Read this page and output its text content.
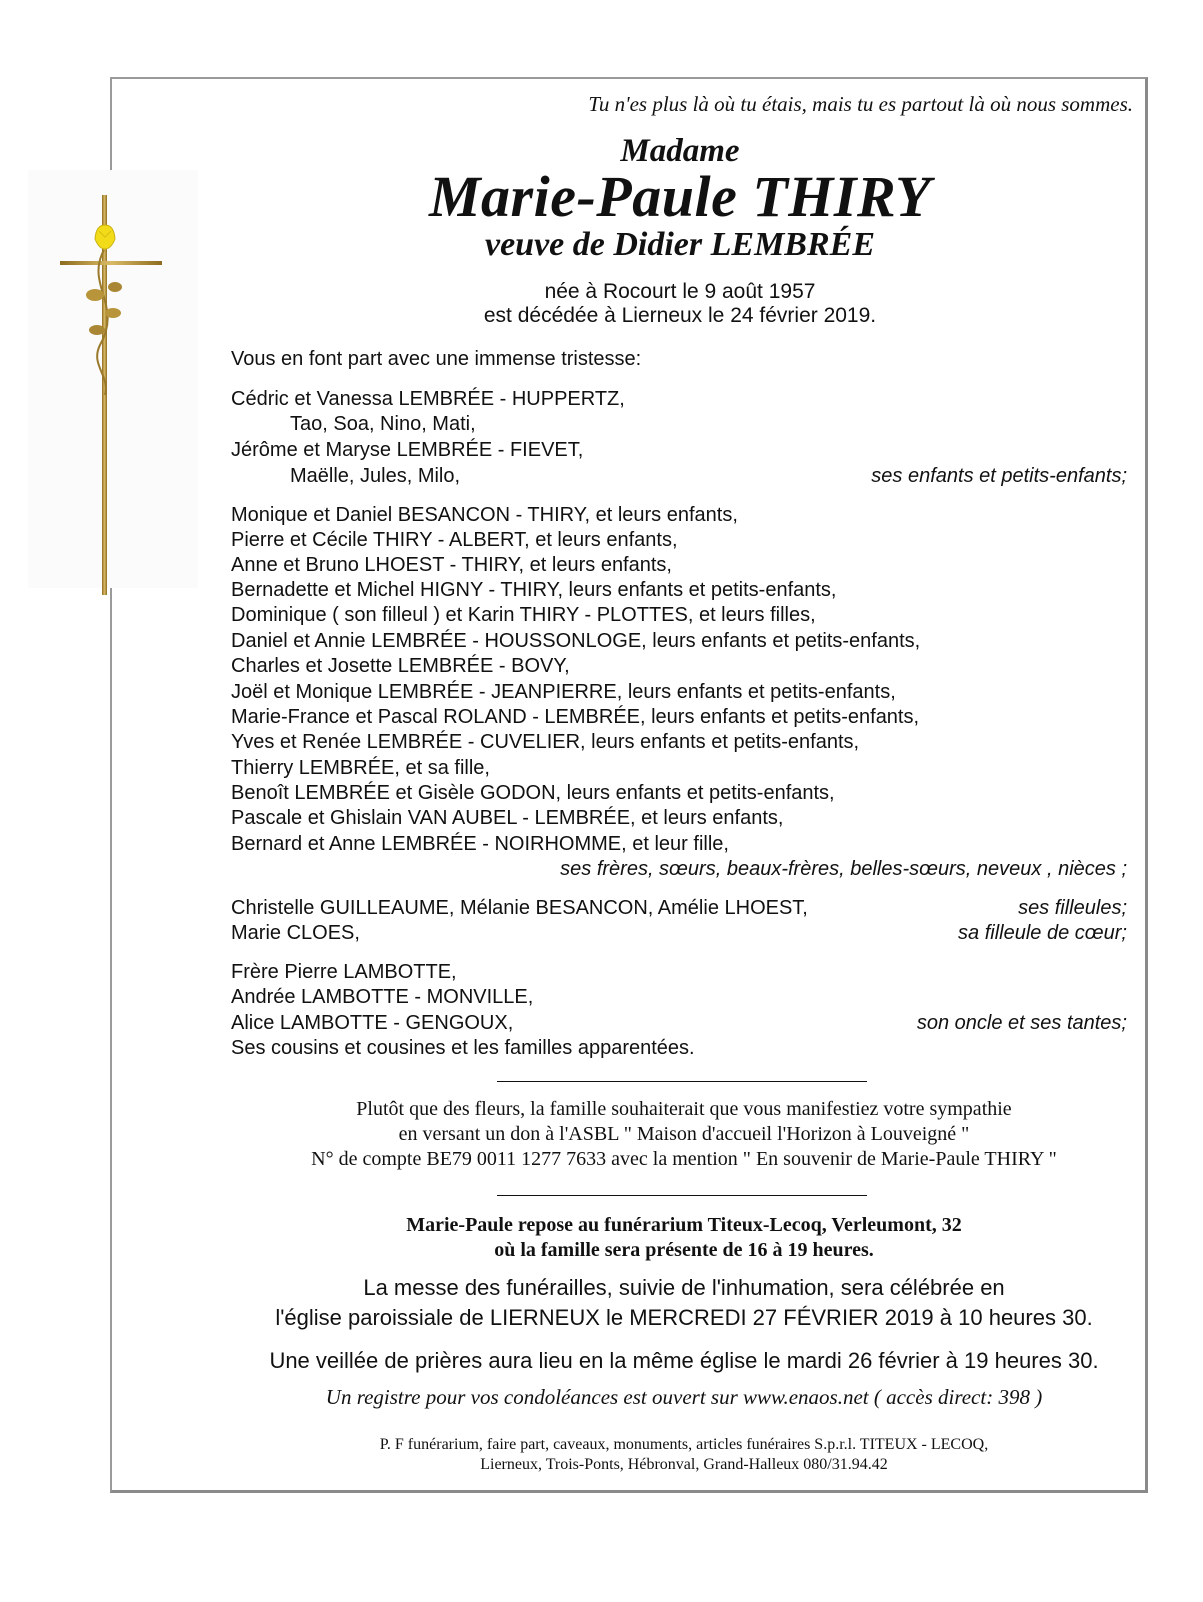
Tu n'es plus là où tu étais, mais tu es partout là où nous sommes.
Madame
Marie-Paule THIRY
veuve de Didier LEMBRÉE
née à Rocourt le 9 août 1957
est décédée à Lierneux le 24 février 2019.
Vous en font part avec une immense tristesse:
Cédric et Vanessa LEMBRÉE - HUPPERTZ,
Tao, Soa, Nino, Mati,
Jérôme et Maryse LEMBRÉE - FIEVET,
Maëlle, Jules, Milo,	ses enfants et petits-enfants;
Monique et Daniel BESANCON - THIRY, et leurs enfants,
Pierre et Cécile THIRY - ALBERT, et leurs enfants,
Anne et Bruno LHOEST - THIRY, et leurs enfants,
Bernadette et Michel HIGNY - THIRY, leurs enfants et petits-enfants,
Dominique ( son filleul ) et Karin THIRY - PLOTTES, et leurs filles,
Daniel et Annie LEMBRÉE - HOUSSONLOGE, leurs enfants et petits-enfants,
Charles et Josette LEMBRÉE - BOVY,
Joël et Monique LEMBRÉE - JEANPIERRE, leurs enfants et petits-enfants,
Marie-France et Pascal ROLAND - LEMBRÉE, leurs enfants et petits-enfants,
Yves et Renée LEMBRÉE - CUVELIER, leurs enfants et petits-enfants,
Thierry LEMBRÉE, et sa fille,
Benoît LEMBRÉE et Gisèle GODON, leurs enfants et petits-enfants,
Pascale et Ghislain VAN AUBEL - LEMBRÉE, et leurs enfants,
Bernard et Anne LEMBRÉE - NOIRHOMME, et leur fille,
ses frères, sœurs, beaux-frères, belles-sœurs, neveux , nièces ;
Christelle GUILLEAUME, Mélanie BESANCON, Amélie LHOEST,	ses filleules;
Marie CLOES,	sa filleule de cœur;
Frère Pierre LAMBOTTE,
Andrée LAMBOTTE - MONVILLE,
Alice LAMBOTTE - GENGOUX,	son oncle et ses tantes;
Ses cousins et cousines et les familles apparentées.
Plutôt que des fleurs, la famille souhaiterait que vous manifestiez votre sympathie
en versant un don à l'ASBL " Maison d'accueil l'Horizon à Louveigné "
N° de compte BE79 0011 1277 7633 avec la mention " En souvenir de Marie-Paule THIRY "
Marie-Paule repose au funérarium Titeux-Lecoq, Verleumont, 32
où la famille sera présente de 16 à 19 heures.
La messe des funérailles, suivie de l'inhumation, sera célébrée en
l'église paroissiale de LIERNEUX le MERCREDI 27 FÉVRIER 2019 à 10 heures 30.
Une veillée de prières aura lieu en la même église le mardi 26 février à 19 heures 30.
Un registre pour vos condoléances est ouvert sur www.enaos.net ( accès direct: 398 )
P. F funérarium, faire part, caveaux, monuments, articles funéraires S.p.r.l. TITEUX - LECOQ,
Lierneux, Trois-Ponts, Hébronval, Grand-Halleux 080/31.94.42
